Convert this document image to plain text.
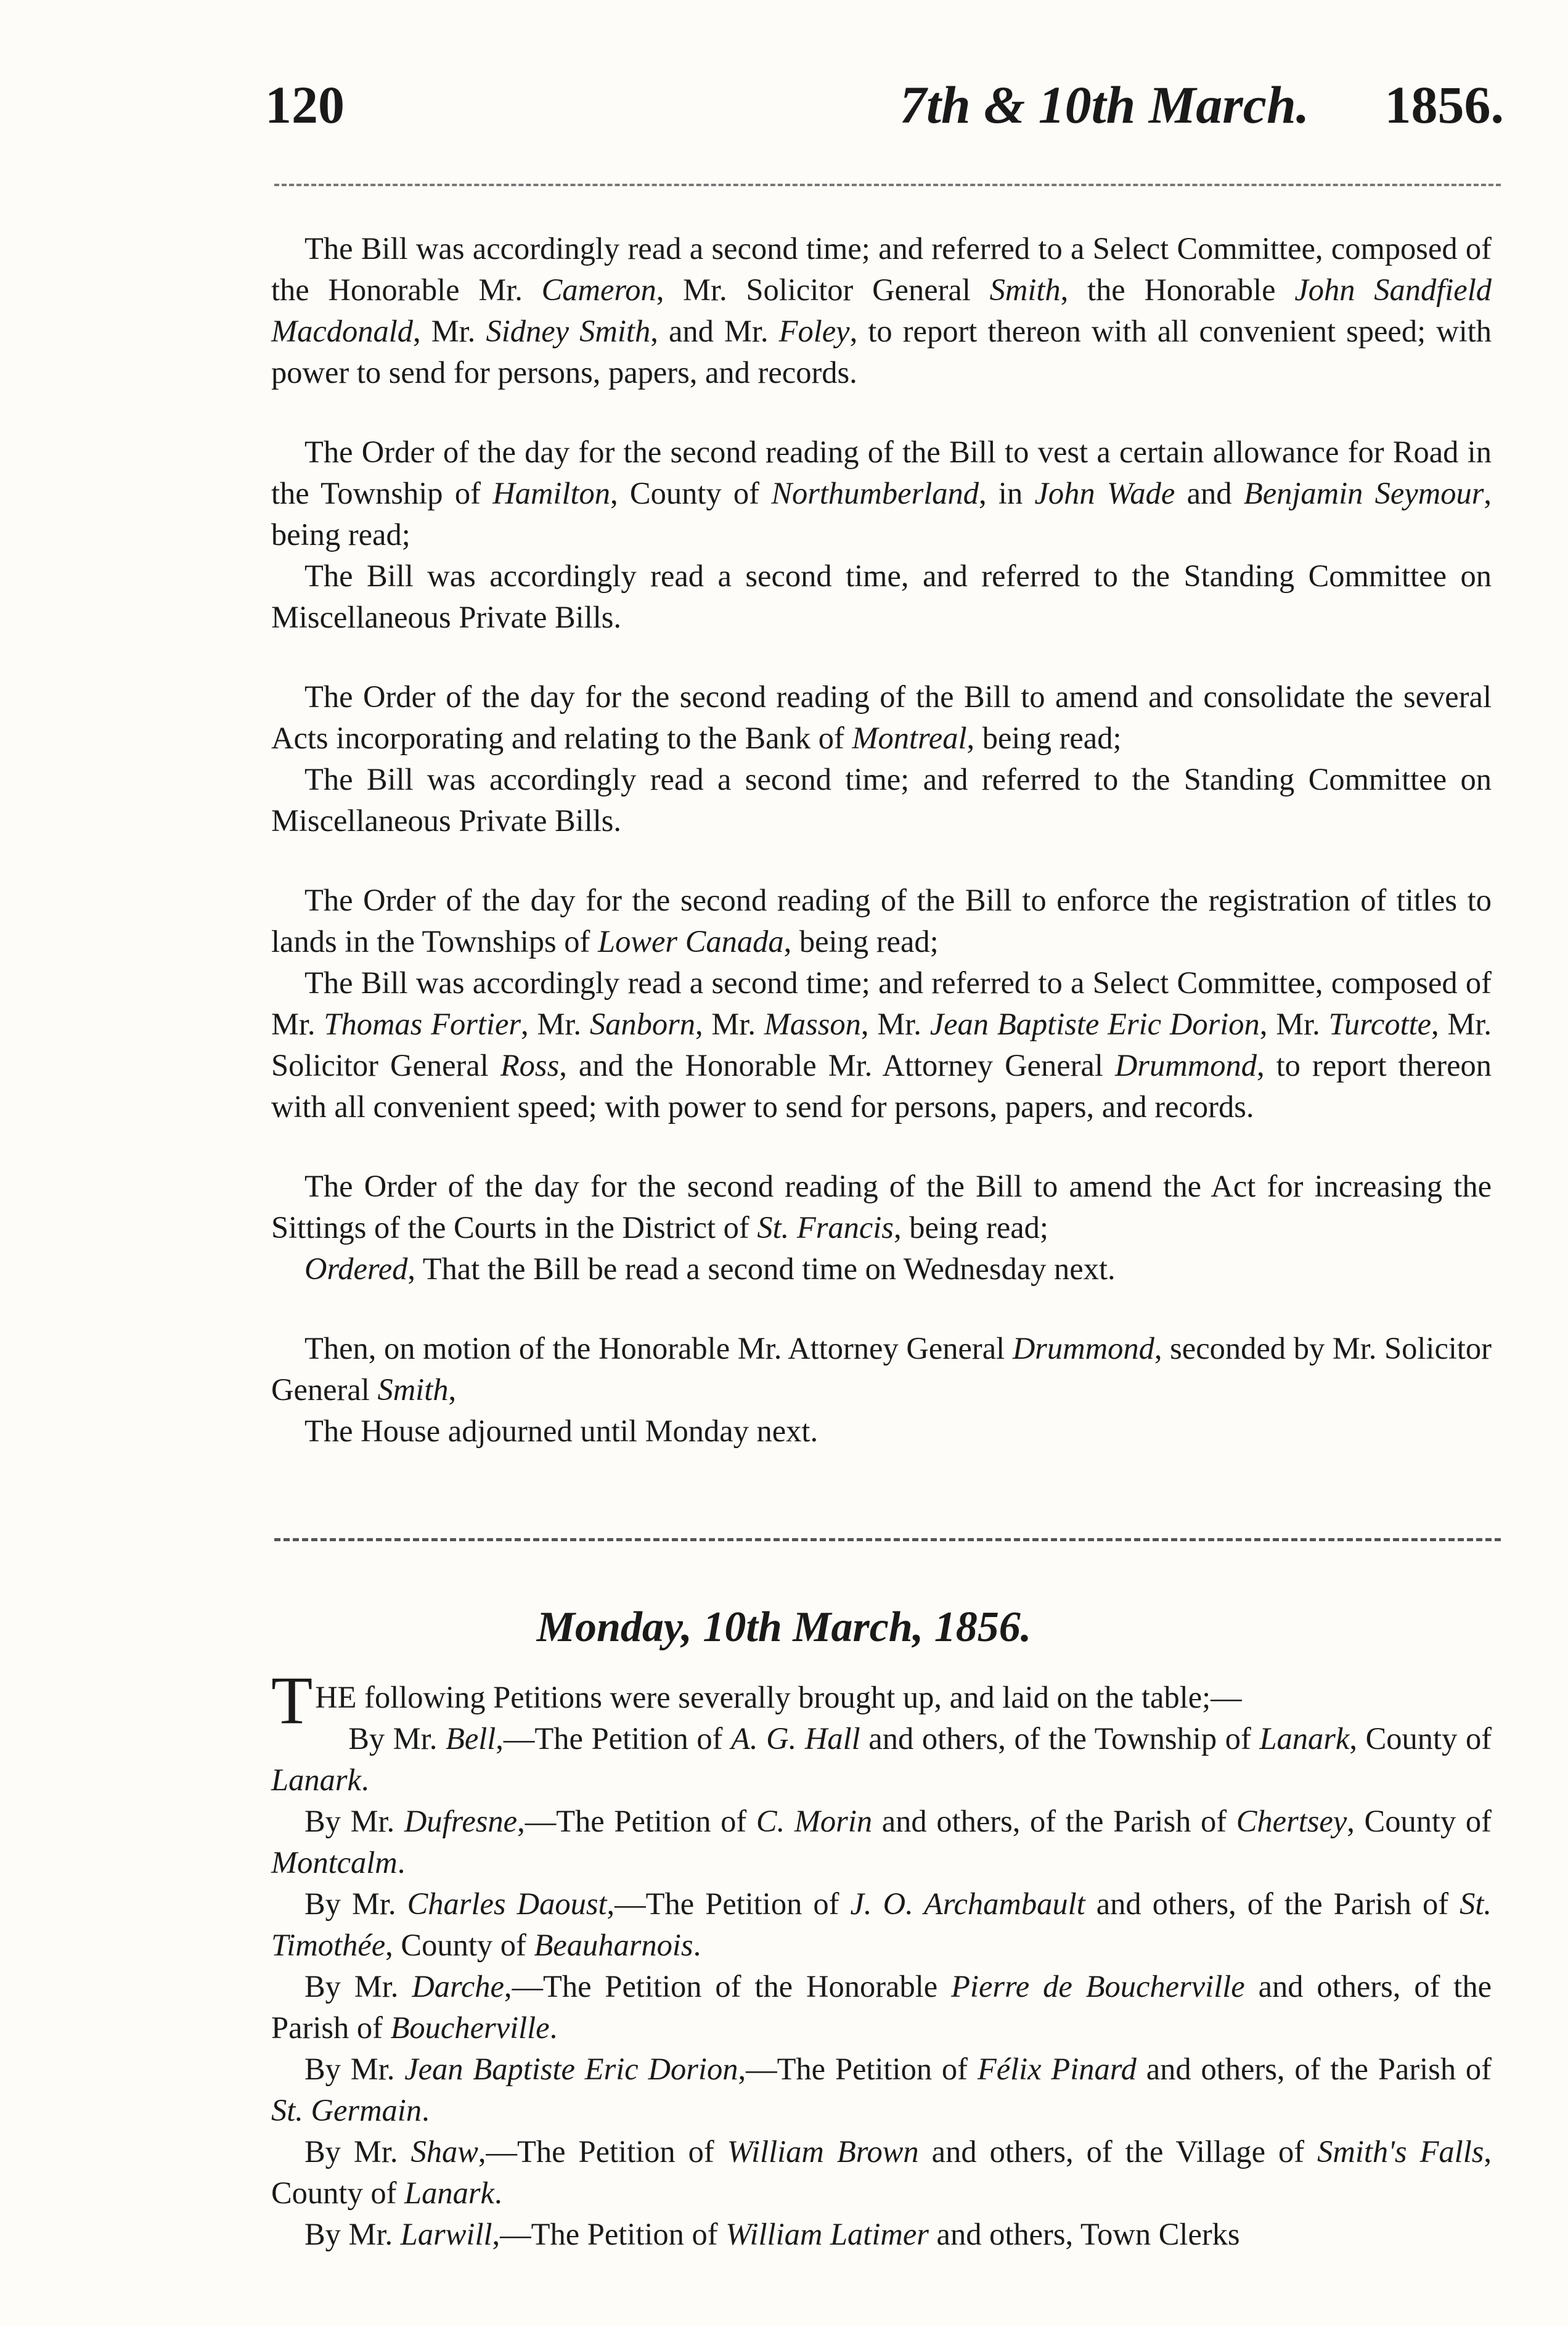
120	7th & 10th March. 1856.

The Bill was accordingly read a second time; and referred to a Select Committee, composed of the Honorable Mr. Cameron, Mr. Solicitor General Smith, the Honorable John Sandfield Macdonald, Mr. Sidney Smith, and Mr. Foley, to report thereon with all convenient speed; with power to send for persons, papers, and records.

The Order of the day for the second reading of the Bill to vest a certain allowance for Road in the Township of Hamilton, County of Northumberland, in John Wade and Benjamin Seymour, being read;

The Bill was accordingly read a second time, and referred to the Standing Committee on Miscellaneous Private Bills.

The Order of the day for the second reading of the Bill to amend and consolidate the several Acts incorporating and relating to the Bank of Montreal, being read;

The Bill was accordingly read a second time; and referred to the Standing Committee on Miscellaneous Private Bills.

The Order of the day for the second reading of the Bill to enforce the registration of titles to lands in the Townships of Lower Canada, being read;

The Bill was accordingly read a second time; and referred to a Select Committee, composed of Mr. Thomas Fortier, Mr. Sanborn, Mr. Masson, Mr. Jean Baptiste Eric Dorion, Mr. Turcotte, Mr. Solicitor General Ross, and the Honorable Mr. Attorney General Drummond, to report thereon with all convenient speed; with power to send for persons, papers, and records.

The Order of the day for the second reading of the Bill to amend the Act for increasing the Sittings of the Courts in the District of St. Francis, being read;

Ordered, That the Bill be read a second time on Wednesday next.

Then, on motion of the Honorable Mr. Attorney General Drummond, seconded by Mr. Solicitor General Smith,

The House adjourned until Monday next.

Monday, 10th March, 1856.

THE following Petitions were severally brought up, and laid on the table;—

By Mr. Bell,—The Petition of A. G. Hall and others, of the Township of Lanark, County of Lanark.

By Mr. Dufresne,—The Petition of C. Morin and others, of the Parish of Chertsey, County of Montcalm.

By Mr. Charles Daoust,—The Petition of J. O. Archambault and others, of the Parish of St. Timothée, County of Beauharnois.

By Mr. Darche,—The Petition of the Honorable Pierre de Boucherville and others, of the Parish of Boucherville.

By Mr. Jean Baptiste Eric Dorion,—The Petition of Félix Pinard and others, of the Parish of St. Germain.

By Mr. Shaw,—The Petition of William Brown and others, of the Village of Smith's Falls, County of Lanark.

By Mr. Larwill,—The Petition of William Latimer and others, Town Clerks
